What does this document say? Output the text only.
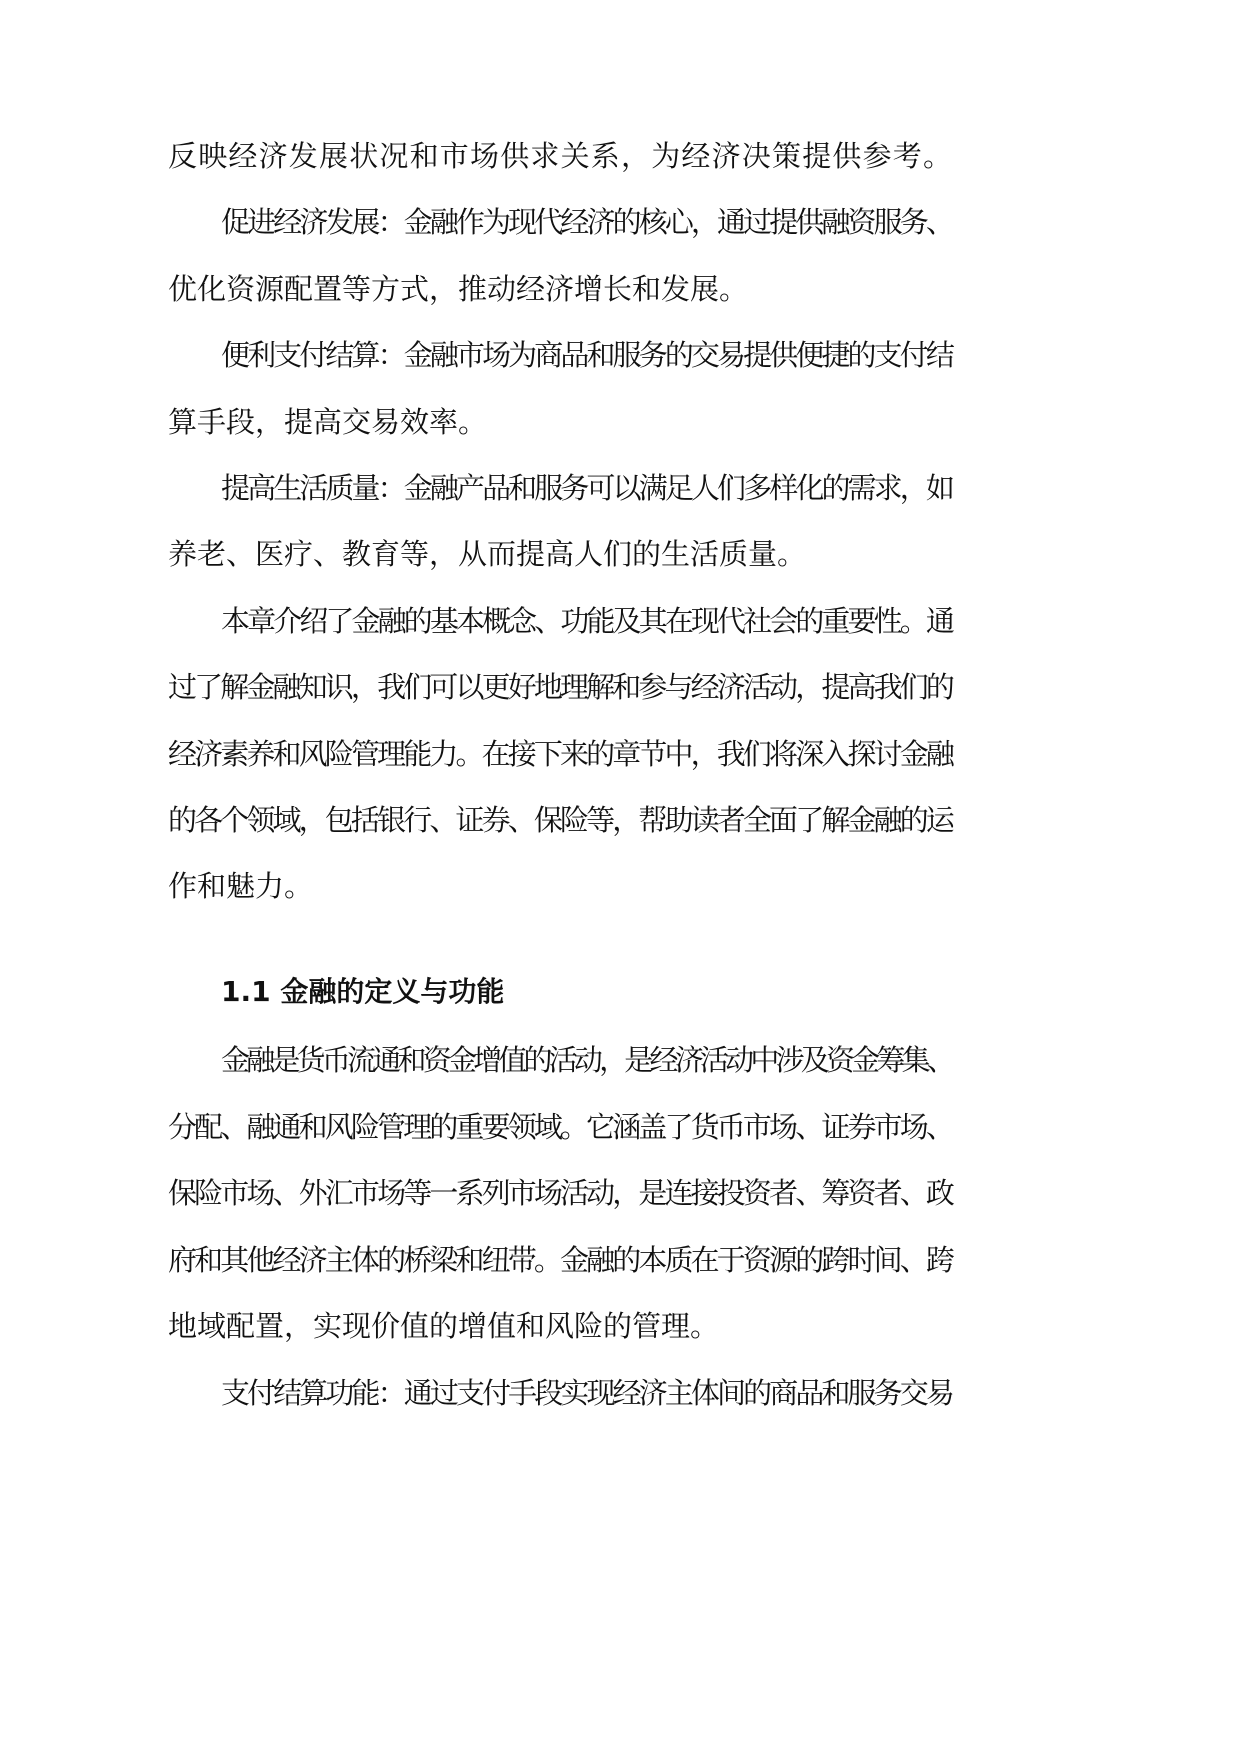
反映经济发展状况和市场供求关系，为经济决策提供参考。
促进经济发展：金融作为现代经济的核心，通过提供融资服务、
优化资源配置等方式，推动经济增长和发展。
便利支付结算：金融市场为商品和服务的交易提供便捷的支付结
算手段，提高交易效率。
提高生活质量：金融产品和服务可以满足人们多样化的需求，如
养老、医疗、教育等，从而提高人们的生活质量。
本章介绍了金融的基本概念、功能及其在现代社会的重要性。通
过了解金融知识，我们可以更好地理解和参与经济活动，提高我们的
经济素养和风险管理能力。在接下来的章节中，我们将深入探讨金融
的各个领域，包括银行、证券、保险等，帮助读者全面了解金融的运
作和魅力。
1.1 金融的定义与功能
金融是货币流通和资金增值的活动，是经济活动中涉及资金筹集、
分配、融通和风险管理的重要领域。它涵盖了货币市场、证券市场、
保险市场、外汇市场等一系列市场活动，是连接投资者、筹资者、政
府和其他经济主体的桥梁和纽带。金融的本质在于资源的跨时间、跨
地域配置，实现价值的增值和风险的管理。
支付结算功能：通过支付手段实现经济主体间的商品和服务交易
